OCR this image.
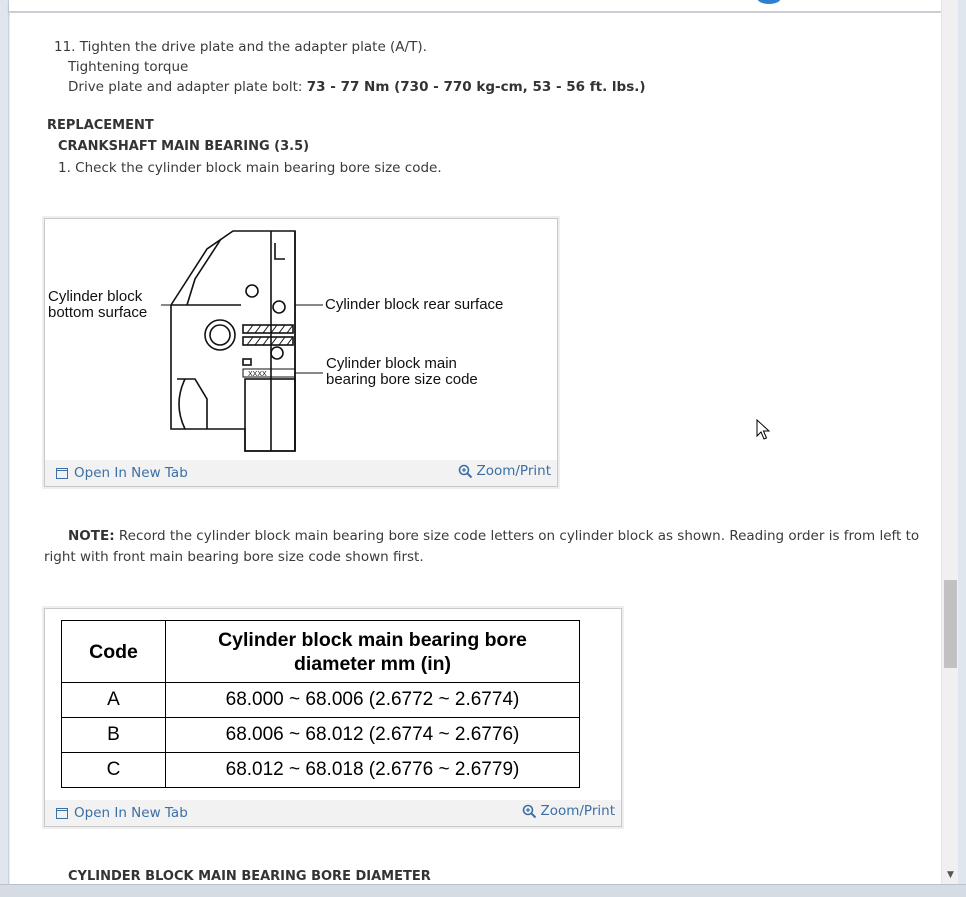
11. Tighten the drive plate and the adapter plate (A/T).
Tightening torque
Drive plate and adapter plate bolt: 73 - 77 Nm (730 - 770 kg-cm, 53 - 56 ft. lbs.)
REPLACEMENT
CRANKSHAFT MAIN BEARING (3.5)
1. Check the cylinder block main bearing bore size code.
XXXX
Cylinder block
bottom surface	Cylinder block rear surface
Cylinder block main
bearing bore size code
Open In New Tab	Zoom/Print
NOTE: Record the cylinder block main bearing bore size code letters on cylinder block as shown. Reading order is from left to right with front main bearing bore size code shown first.
Code	Cylinder block main bearing bore diameter mm (in)
A	68.000 ~ 68.006 (2.6772 ~ 2.6774)
B	68.006 ~ 68.012 (2.6774 ~ 2.6776)
C	68.012 ~ 68.018 (2.6776 ~ 2.6779)
Open In New Tab	Zoom/Print
CYLINDER BLOCK MAIN BEARING BORE DIAMETER	▼
